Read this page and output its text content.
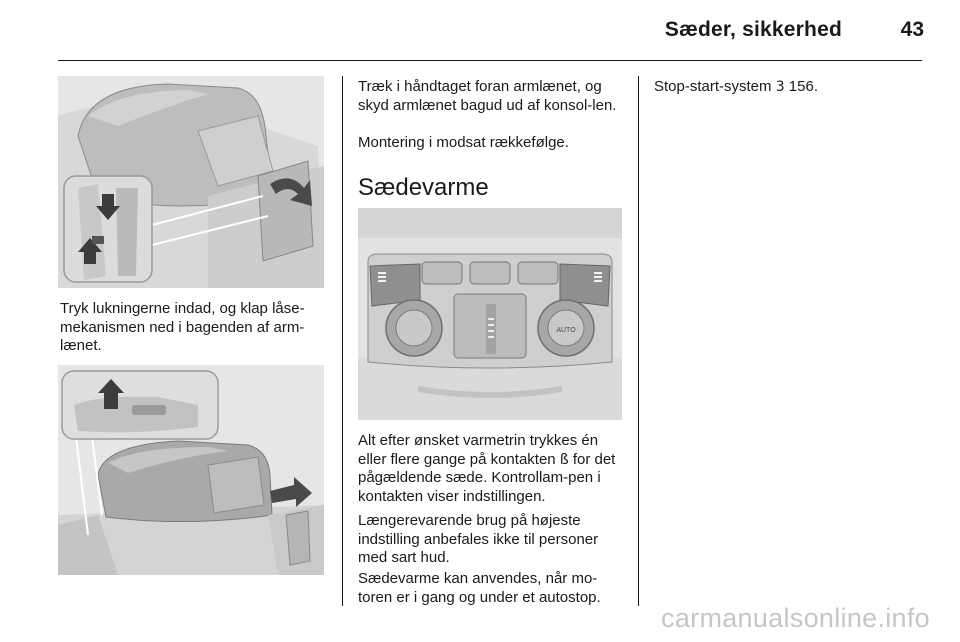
Sæder, sikkerhed	43

Tryk lukningerne indad, og klap låse-mekanismen ned i bagenden af arm-lænet.

Træk i håndtaget foran armlænet, og skyd armlænet bagud ud af konsol-len.

Montering i modsat rækkefølge.

Sædevarme
AUTO

Alt efter ønsket varmetrin trykkes én eller flere gange på kontakten ß for det pågældende sæde. Kontrollam-pen i kontakten viser indstillingen.

Længerevarende brug på højeste indstilling anbefales ikke til personer med sart hud.

Sædevarme kan anvendes, når mo-toren er i gang og under et autostop.

Stop-start-system 3 156.

carmanualsonline.info
